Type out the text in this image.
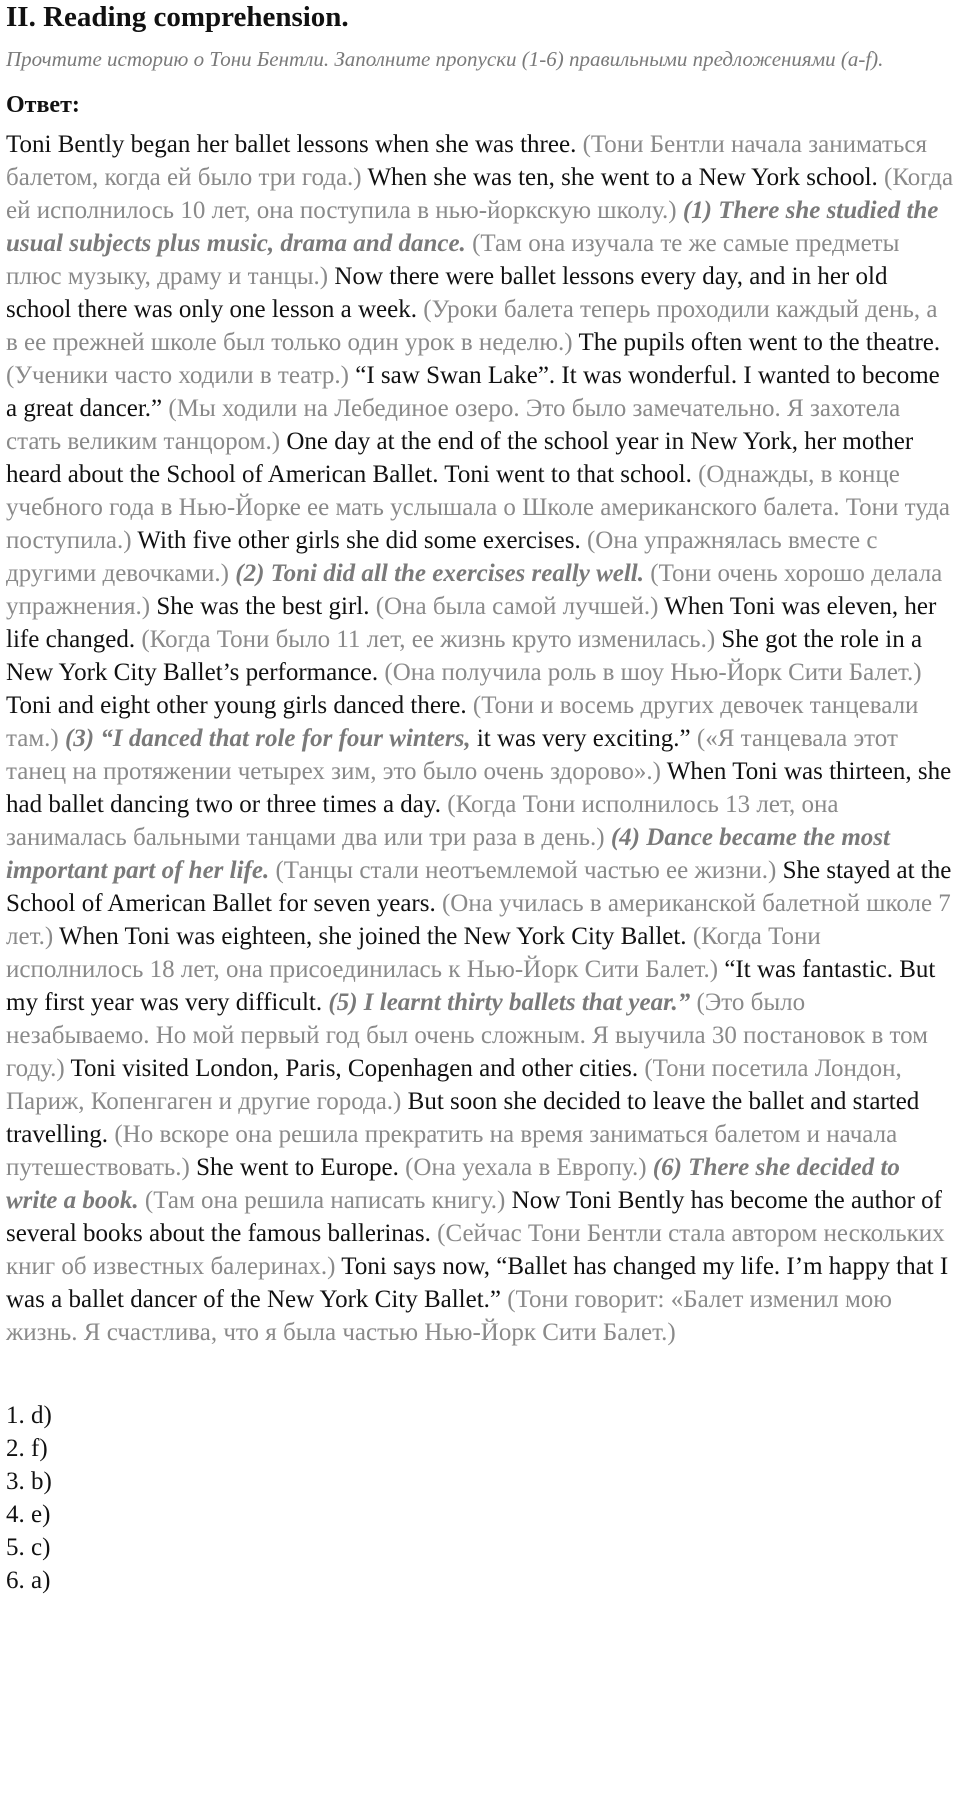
II. Reading comprehension.

Прочтите историю о Тони Бентли. Заполните пропуски (1-6) правильными предложениями (a-f).

Ответ:

Toni Bently began her ballet lessons when she was three. (Тони Бентли начала заниматься балетом, когда ей было три года.) When she was ten, she went to a New York school. (Когда ей исполнилось 10 лет, она поступила в нью-йоркскую школу.) (1) There she studied the usual subjects plus music, drama and dance. (Там она изучала те же самые предметы плюс музыку, драму и танцы.) Now there were ballet lessons every day, and in her old school there was only one lesson a week. (Уроки балета теперь проходили каждый день, а в ее прежней школе был только один урок в неделю.) The pupils often went to the theatre. (Ученики часто ходили в театр.) “I saw Swan Lake”. It was wonderful. I wanted to become a great dancer.” (Мы ходили на Лебединое озеро. Это было замечательно. Я захотела стать великим танцором.) One day at the end of the school year in New York, her mother heard about the School of American Ballet. Toni went to that school. (Однажды, в конце учебного года в Нью-Йорке ее мать услышала о Школе американского балета. Тони туда поступила.) With five other girls she did some exercises. (Она упражнялась вместе с другими девочками.) (2) Toni did all the exercises really well. (Тони очень хорошо делала упражнения.) She was the best girl. (Она была самой лучшей.) When Toni was eleven, her life changed. (Когда Тони было 11 лет, ее жизнь круто изменилась.) She got the role in a New York City Ballet’s performance. (Она получила роль в шоу Нью-Йорк Сити Балет.) Toni and eight other young girls danced there. (Тони и восемь других девочек танцевали там.) (3) “I danced that role for four winters, it was very exciting.” («Я танцевала этот танец на протяжении четырех зим, это было очень здорово».) When Toni was thirteen, she had ballet dancing two or three times a day. (Когда Тони исполнилось 13 лет, она занималась бальными танцами два или три раза в день.) (4) Dance became the most important part of her life. (Танцы стали неотъемлемой частью ее жизни.) She stayed at the School of American Ballet for seven years. (Она училась в американской балетной школе 7 лет.) When Toni was eighteen, she joined the New York City Ballet. (Когда Тони исполнилось 18 лет, она присоединилась к Нью-Йорк Сити Балет.) “It was fantastic. But my first year was very difficult. (5) I learnt thirty ballets that year.” (Это было незабываемо. Но мой первый год был очень сложным. Я выучила 30 постановок в том году.) Toni visited London, Paris, Copenhagen and other cities. (Тони посетила Лондон, Париж, Копенгаген и другие города.) But soon she decided to leave the ballet and started travelling. (Но вскоре она решила прекратить на время заниматься балетом и начала путешествовать.) She went to Europe. (Она уехала в Европу.) (6) There she decided to write a book. (Там она решила написать книгу.) Now Toni Bently has become the author of several books about the famous ballerinas. (Сейчас Тони Бентли стала автором нескольких книг об известных балеринах.) Toni says now, “Ballet has changed my life. I’m happy that I was a ballet dancer of the New York City Ballet.” (Тони говорит: «Балет изменил мою жизнь. Я счастлива, что я была частью Нью-Йорк Сити Балет.)

1. d)
2. f)
3. b)
4. e)
5. c)
6. a)
